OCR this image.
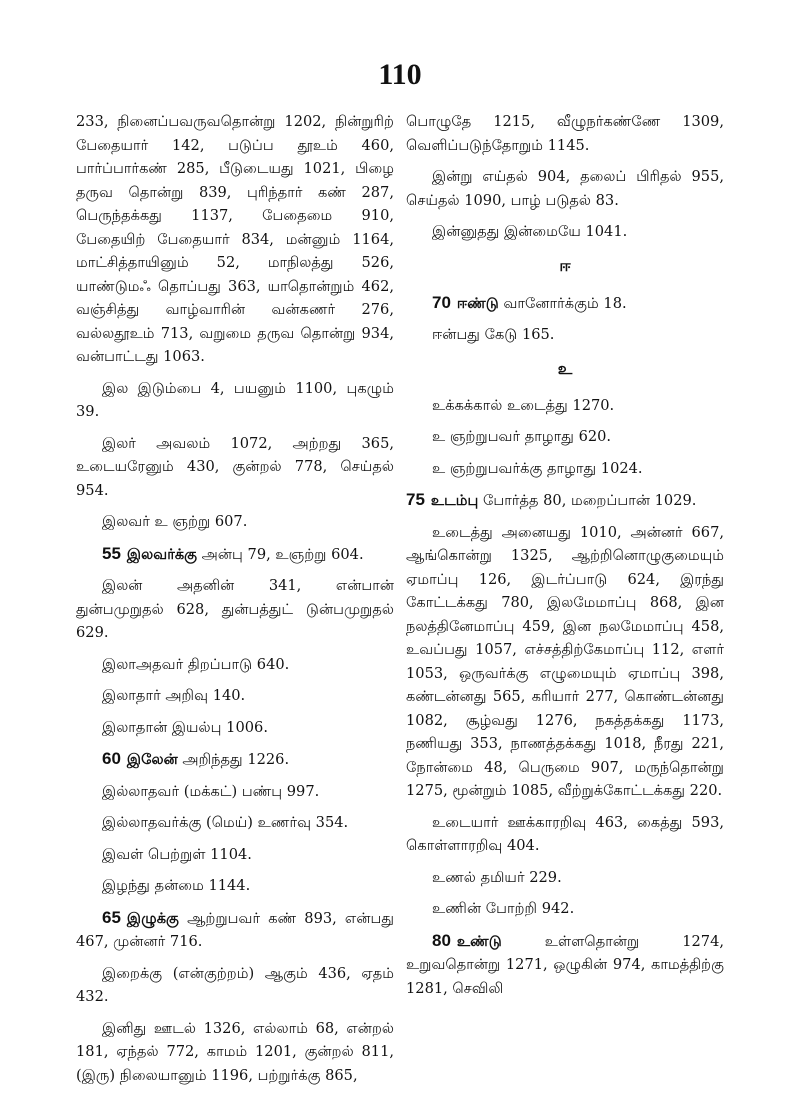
110

233, நினைப்பவருவதொன்று 1202, நின்றுரிற் பேதையார் 142, படுப்ப தூஉம் 460, பார்ப்பார்கண் 285, பீடுடையது 1021, பிழை தருவ தொன்று 839, புரிந்தார் கண் 287, பெருந்தக்கது 1137, பேதைமை 910, பேதையிற் பேதையார் 834, மன்னும் 1164, மாட்சித்தாயினும் 52, மாநிலத்து 526, யாண்டுமஃ தொப்பது 363, யாதொன்றும் 462, வஞ்சித்து வாழ்வாரின் வன்கணர் 276, வல்லதூஉம் 713, வறுமை தருவ தொன்று 934, வன்பாட்டது 1063.

இல இடும்பை 4, பயனும் 1100, புகழும் 39.

இலர் அவலம் 1072, அற்றது 365, உடையரேனும் 430, குன்றல் 778, செய்தல் 954.

இலவர் உ ஞற்று 607.

55 இலவர்க்கு அன்பு 79, உஞற்று 604.

இலன் அதனின் 341, என்பான் துன்பமுறுதல் 628, துன்பத்துட் டுன்பமுறுதல் 629.

இலாஅதவர் திறப்பாடு 640.

இலாதார் அறிவு 140.

இலாதான் இயல்பு 1006.

60 இலேன் அறிந்தது 1226.

இல்லாதவர் (மக்கட்) பண்பு 997.

இல்லாதவர்க்கு (மெய்) உணர்வு 354.

இவள் பெற்றுள் 1104.

இழந்து தன்மை 1144.

65 இழுக்கு ஆற்றுபவர் கண் 893, என்பது 467, முன்னர் 716.

இறைக்கு (என்குற்றம்) ஆகும் 436, ஏதம் 432.

இனிது ஊடல் 1326, எல்லாம் 68, என்றல் 181, ஏந்தல் 772, காமம் 1201, குன்றல் 811, (இரு) நிலையானும் 1196, பற்றுர்க்கு 865,

பொழுதே 1215, வீழுநர்கண்ணே 1309, வெளிப்படுந்தோறும் 1145.

இன்று எய்தல் 904, தலைப் பிரிதல் 955, செய்தல் 1090, பாழ் படுதல் 83.

இன்னுதது இன்மையே 1041.

ஈ

70 ஈண்டு வானோர்க்கும் 18.

ஈன்பது கேடு 165.

உ

உக்கக்கால் உடைத்து 1270.

உ ஞற்றுபவர் தாழாது 620.

உ ஞற்றுபவர்க்கு தாழாது 1024.

75 உடம்பு போர்த்த 80, மறைப்பான் 1029.

உடைத்து அனையது 1010, அன்னர் 667, ஆங்கொன்று 1325, ஆற்றினொழுகுமையும் ஏமாப்பு 126, இடர்ப்பாடு 624, இரந்து கோட்டக்கது 780, இலமேமாப்பு 868, இன நலத்தினேமாப்பு 459, இன நலமேமாப்பு 458, உவப்பது 1057, எச்சத்திற்கேமாப்பு 112, எளர் 1053, ஒருவர்க்கு எழுமையும் ஏமாப்பு 398, கண்டன்னது 565, கரியார் 277, கொண்டன்னது 1082, சூழ்வது 1276, நகத்தக்கது 1173, நணியது 353, நாணத்தக்கது 1018, நீரது 221, நோன்மை 48, பெருமை 907, மருந்தொன்று 1275, மூன்றும் 1085, வீற்றுக்கோட்டக்கது 220.

உடையார் ஊக்காரறிவு 463, கைத்து 593, கொள்ளாரறிவு 404.

உணல் தமியர் 229.

உணின் போற்றி 942.

80 உண்டு உள்ளதொன்று 1274, உறுவதொன்று 1271, ஒழுகின் 974, காமத்திற்கு 1281, செவிலி
